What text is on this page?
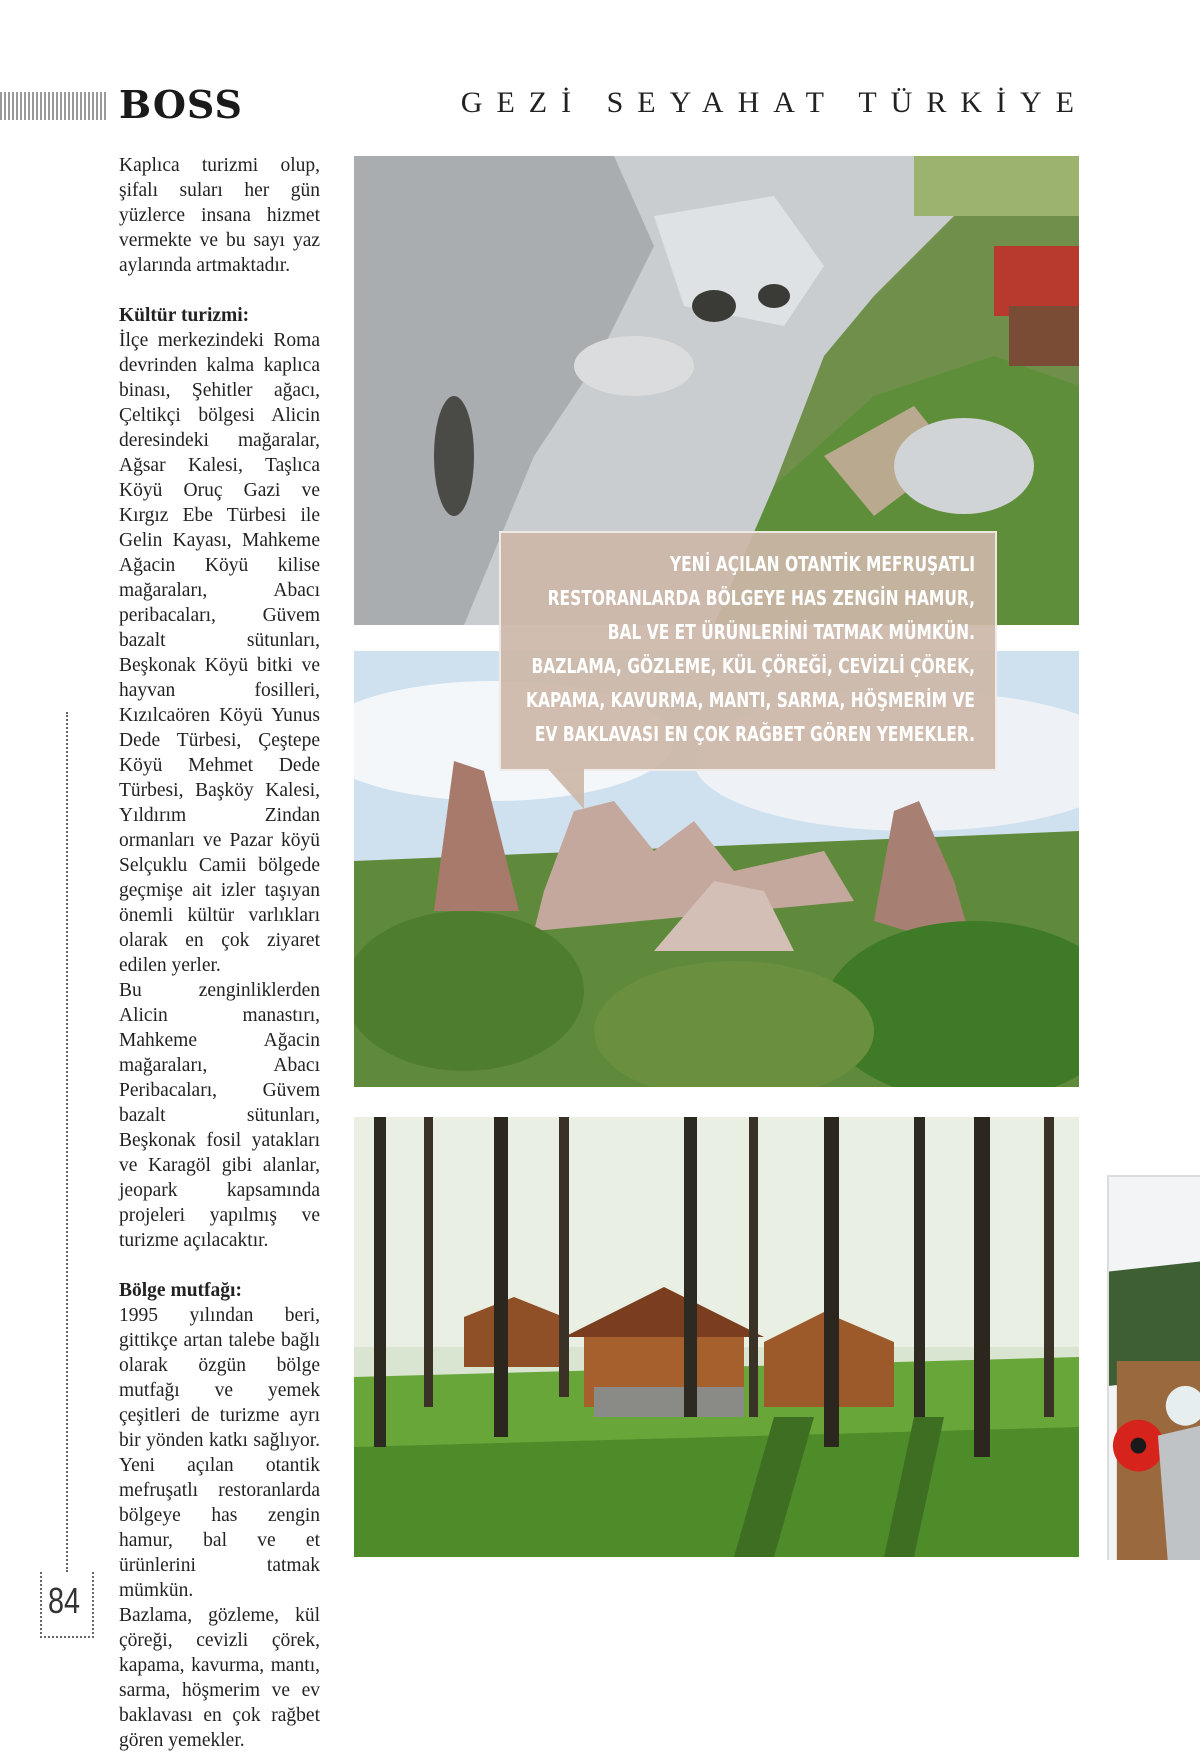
BOSS	GEZİ SEYAHAT TÜRKİYE

Kaplıca turizmi olup, şifalı suları her gün yüzlerce insana hizmet vermekte ve bu sayı yaz aylarında artmaktadır.

Kültür turizmi:

İlçe merkezindeki Roma devrinden kalma kaplıca binası, Şehitler ağacı, Çeltikçi bölgesi Alicin deresindeki mağaralar, Ağsar Kalesi, Taşlıca Köyü Oruç Gazi ve Kırgız Ebe Türbesi ile Gelin Kayası, Mahkeme Ağacin Köyü kilise mağaraları, Abacı peribacaları, Güvem bazalt sütunları, Beşkonak Köyü bitki ve hayvan fosilleri, Kızılcaören Köyü Yunus Dede Türbesi, Çeştepe Köyü Mehmet Dede Türbesi, Başköy Kalesi, Yıldırım Zindan ormanları ve Pazar köyü Selçuklu Camii bölgede geçmişe ait izler taşıyan önemli kültür varlıkları olarak en çok ziyaret edilen yerler.

Bu zenginliklerden Alicin manastırı, Mahkeme Ağacin mağaraları, Abacı Peribacaları, Güvem bazalt sütunları, Beşkonak fosil yatakları ve Karagöl gibi alanlar, jeopark kapsamında projeleri yapılmış ve turizme açılacaktır.

Bölge mutfağı:

1995 yılından beri, gittikçe artan talebe bağlı olarak özgün bölge mutfağı ve yemek çeşitleri de turizme ayrı bir yönden katkı sağlıyor. Yeni açılan otantik mefruşatlı restoranlarda bölgeye has zengin hamur, bal ve et ürünlerini tatmak mümkün.

Bazlama, gözleme, kül çöreği, cevizli çörek, kapama, kavurma, mantı, sarma, höşmerim ve ev baklavası en çok rağbet gören yemekler.

YENİ AÇILAN OTANTİK MEFRUŞATLI
RESTORANLARDA BÖLGEYE HAS ZENGİN HAMUR,
BAL VE ET ÜRÜNLERİNİ TATMAK MÜMKÜN.
BAZLAMA, GÖZLEME, KÜL ÇÖREĞİ, CEVİZLİ ÇÖREK,
KAPAMA, KAVURMA, MANTI, SARMA, HÖŞMERİM VE
EV BAKLAVASI EN ÇOK RAĞBET GÖREN YEMEKLER.
84
